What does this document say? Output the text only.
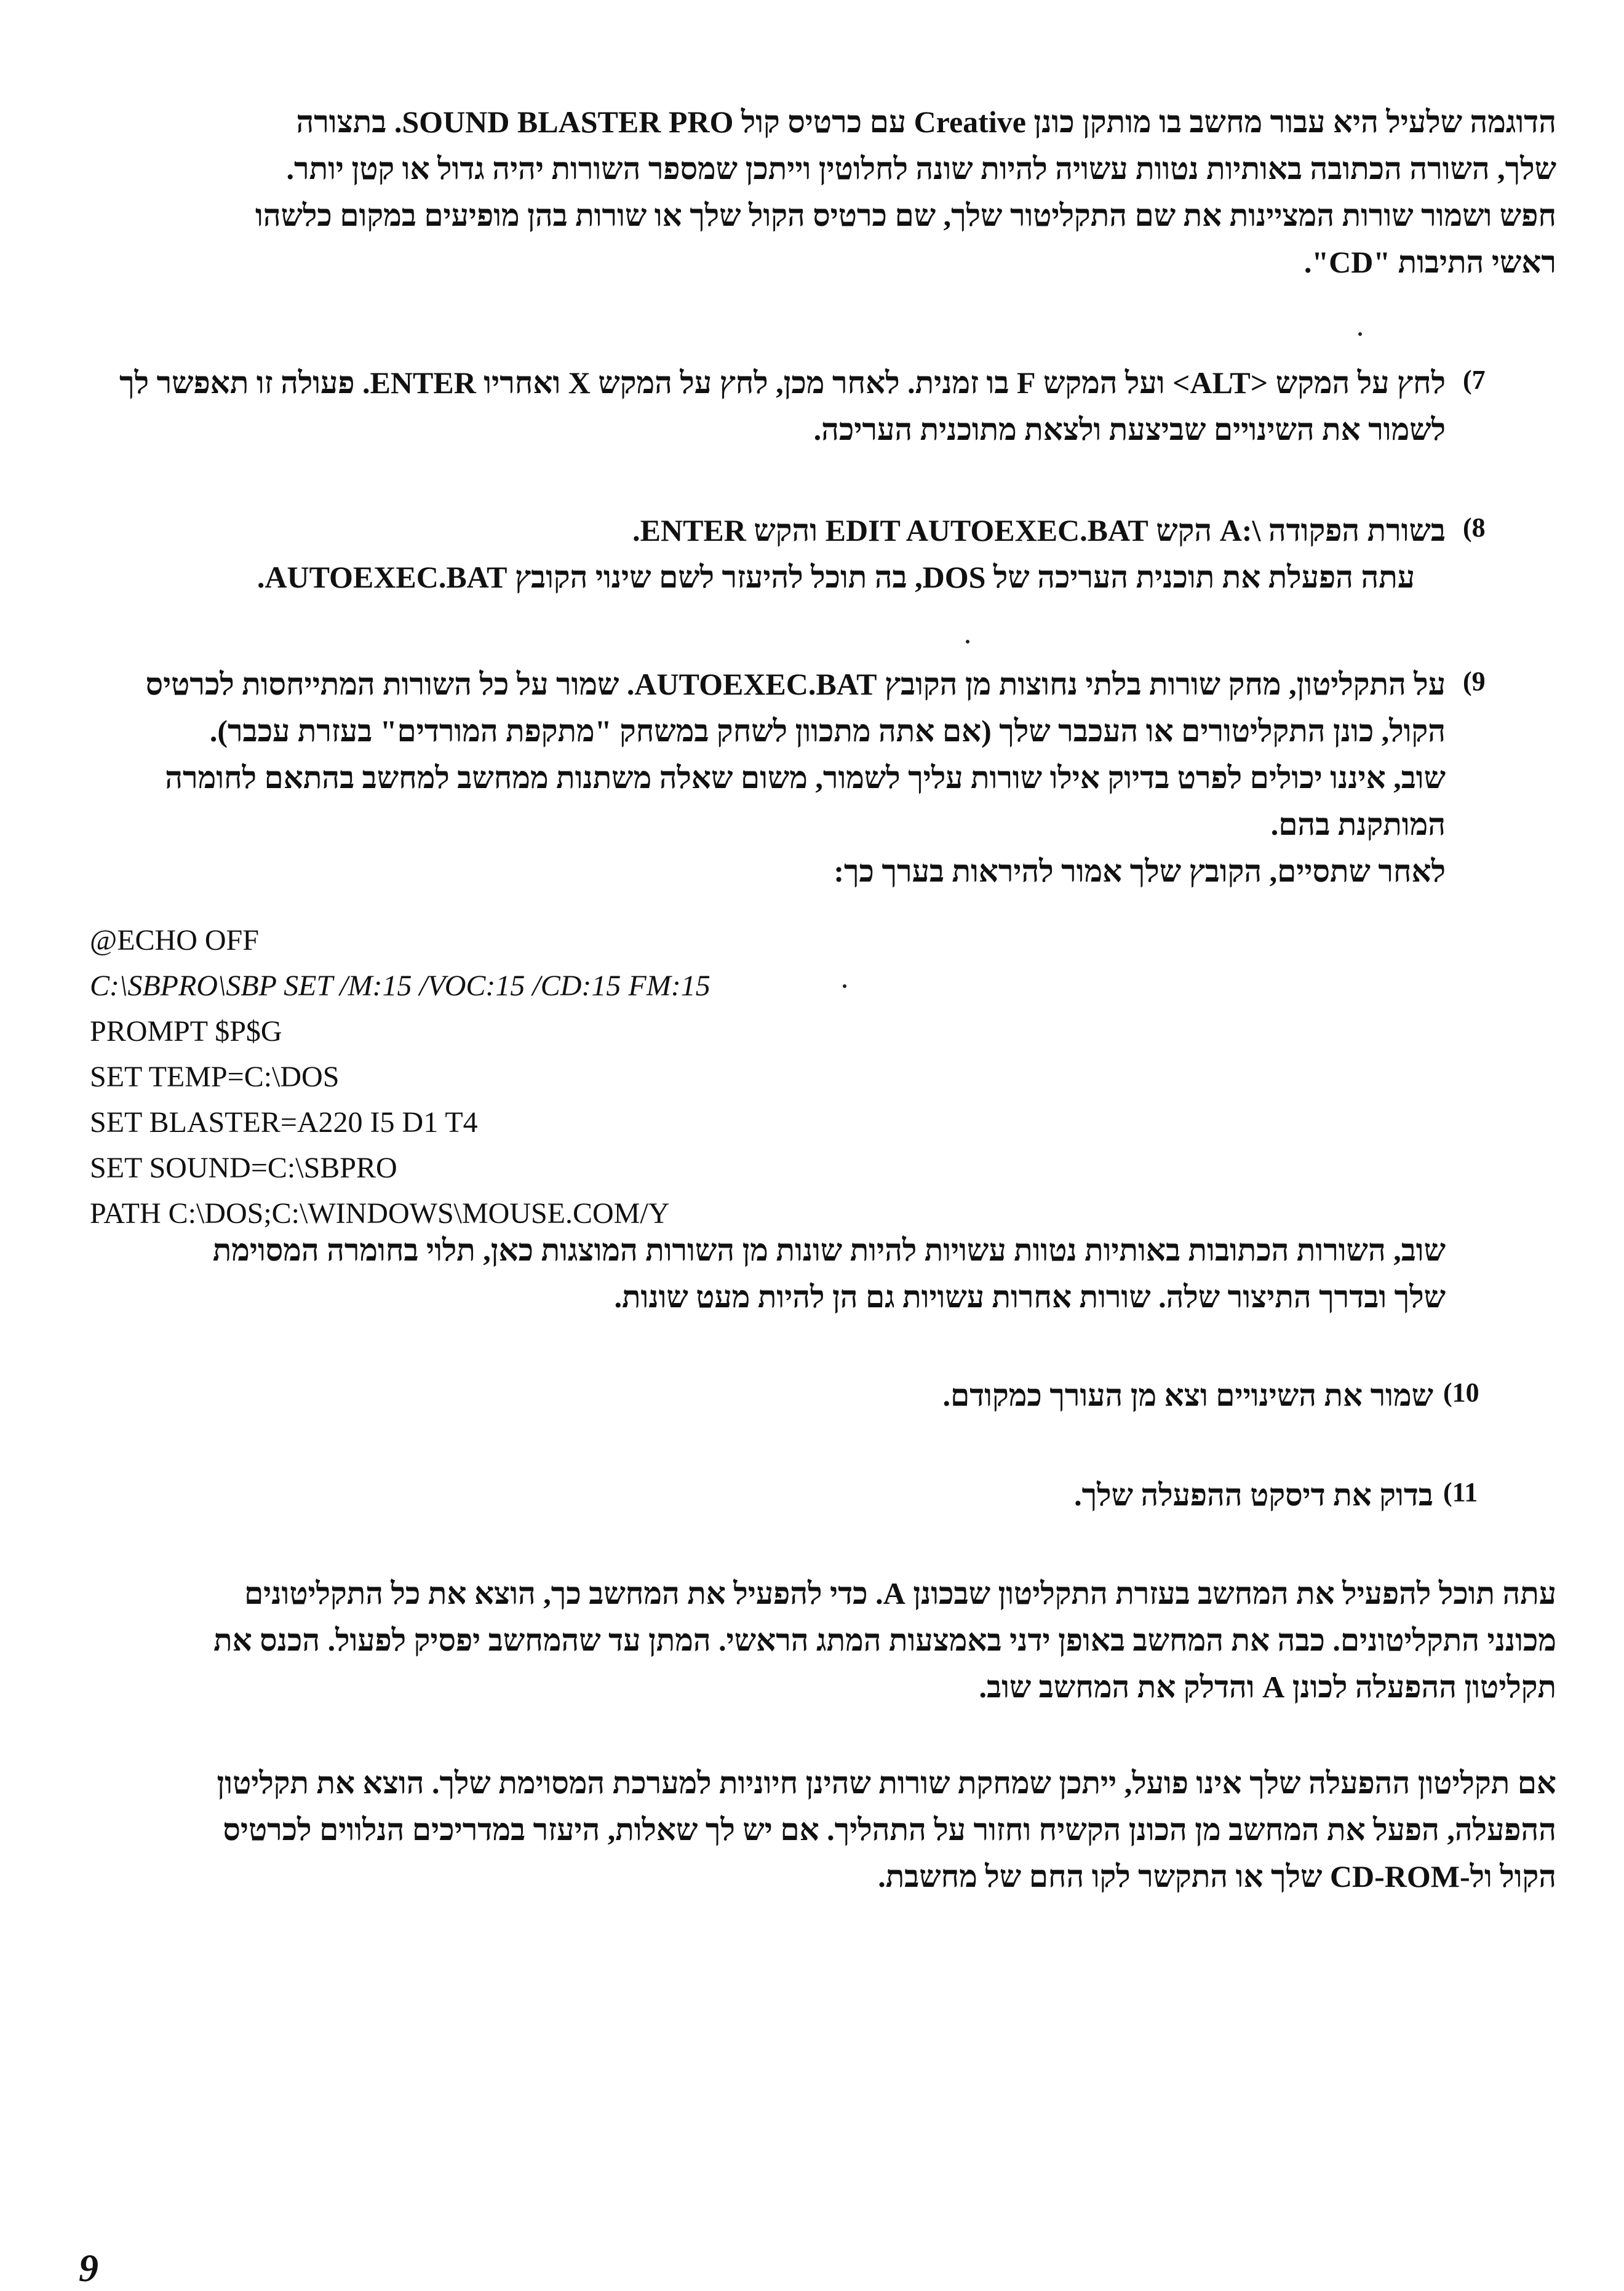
הדוגמה שלעיל היא עבור מחשב בו מותקן כונן Creative עם כרטיס קול SOUND BLASTER PRO. בתצורה
שלך, השורה הכתובה באותיות נטוות עשויה להיות שונה לחלוטין וייתכן שמספר השורות יהיה גדול או קטן יותר.
חפש ושמור שורות המציינות את שם התקליטור שלך, שם כרטיס הקול שלך או שורות בהן מופיעים במקום כלשהו
ראשי התיבות "CD".
(7
לחץ על המקש <ALT> ועל המקש F בו זמנית. לאחר מכן, לחץ על המקש X ואחריו ENTER. פעולה זו תאפשר לך
לשמור את השינויים שביצעת ולצאת מתוכנית העריכה.
(8
בשורת הפקודה \:A הקש EDIT AUTOEXEC.BAT והקש ENTER.
עתה הפעלת את תוכנית העריכה של DOS, בה תוכל להיעזר לשם שינוי הקובץ AUTOEXEC.BAT.
(9
על התקליטון, מחק שורות בלתי נחוצות מן הקובץ AUTOEXEC.BAT. שמור על כל השורות המתייחסות לכרטיס
הקול, כונן התקליטורים או העכבר שלך (אם אתה מתכוון לשחק במשחק "מתקפת המורדים" בעזרת עכבר).
שוב, איננו יכולים לפרט בדיוק אילו שורות עליך לשמור, משום שאלה משתנות ממחשב למחשב בהתאם לחומרה
המותקנת בהם.
לאחר שתסיים, הקובץ שלך אמור להיראות בערך כך:
@ECHO OFF
C:\SBPRO\SBP SET /M:15 /VOC:15 /CD:15 FM:15
PROMPT $P$G
SET TEMP=C:\DOS
SET BLASTER=A220 I5 D1 T4
SET SOUND=C:\SBPRO
PATH C:\DOS;C:\WINDOWS\MOUSE.COM/Y
שוב, השורות הכתובות באותיות נטוות עשויות להיות שונות מן השורות המוצגות כאן, תלוי בחומרה המסוימת
שלך ובדרך התיצור שלה. שורות אחרות עשויות גם הן להיות מעט שונות.
(10
שמור את השינויים וצא מן העורך כמקודם.
(11
בדוק את דיסקט ההפעלה שלך.
עתה תוכל להפעיל את המחשב בעזרת התקליטון שבכונן A. כדי להפעיל את המחשב כך, הוצא את כל התקליטונים
מכונני התקליטונים. כבה את המחשב באופן ידני באמצעות המתג הראשי. המתן עד שהמחשב יפסיק לפעול. הכנס את
תקליטון ההפעלה לכונן A והדלק את המחשב שוב.
אם תקליטון ההפעלה שלך אינו פועל, ייתכן שמחקת שורות שהינן חיוניות למערכת המסוימת שלך. הוצא את תקליטון
ההפעלה, הפעל את המחשב מן הכונן הקשיח וחזור על התהליך. אם יש לך שאלות, היעזר במדריכים הנלווים לכרטיס
הקול ול-CD-ROM שלך או התקשר לקו החם של מחשבת.
9
